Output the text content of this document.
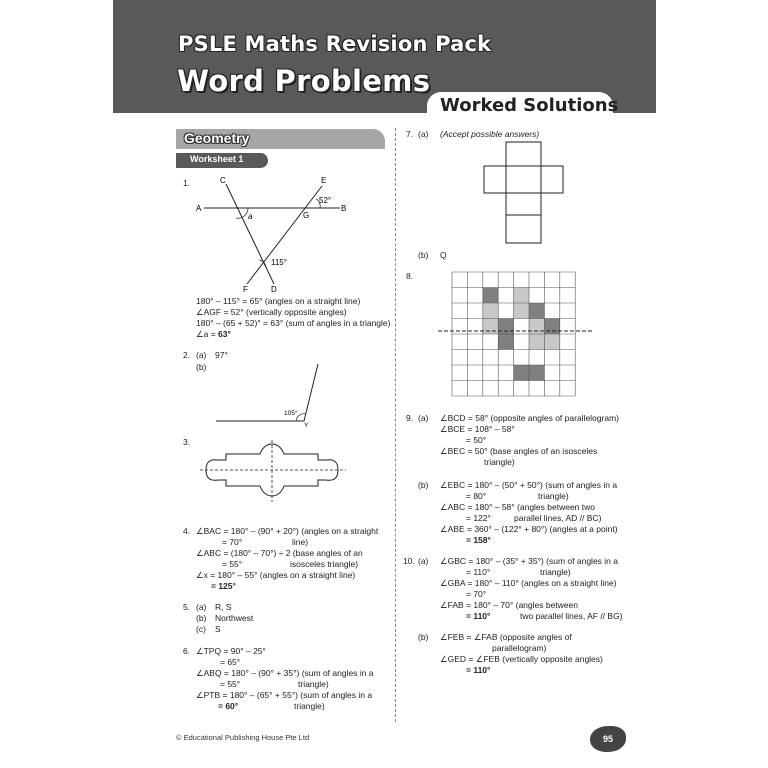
PSLE Maths Revision Pack
Word Problems
Worked Solutions
Geometry
Worksheet 1
1.	C	E
A	B
G
F	D
52°
a
115°
180° – 115° = 65° (angles on a straight line)
∠AGF = 52° (vertically opposite angles)
180° – (65 + 52)° = 63° (sum of angles in a triangle)
∠a = 63°
2. (a) 97°
(b)
105°
Y
3.
4. ∠BAC = 180° – (90° + 20°) (angles on a straight
= 70°	line)
∠ABC = (180° – 70°) ÷ 2 (base angles of an
= 55°	isosceles triangle)
∠x = 180° – 55° (angles on a straight line)
= 125°
5. (a) R, S
(b) Northwest
(c) S
6. ∠TPQ = 90° – 25°
= 65°
∠ABQ = 180° – (90° + 35°) (sum of angles in a
= 55°	triangle)
∠PTB = 180° – (65° + 55°) (sum of angles in a
= 60°	triangle)
7. (a) (Accept possible answers)
(b) Q
8.
9. (a) ∠BCD = 58° (opposite angles of parallelogram)
∠BCE = 108° – 58°
= 50°
∠BEC = 50° (base angles of an isosceles
triangle)
(b) ∠EBC = 180° – (50° + 50°) (sum of angles in a
= 80°	triangle)
∠ABC = 180° – 58° (angles between two
= 122°	parallel lines, AD // BC)
∠ABE = 360° – (122° + 80°) (angles at a point)
= 158°
10. (a) ∠GBC = 180° – (35° + 35°) (sum of angles in a
= 110°	triangle)
∠GBA = 180° – 110° (angles on a straight line)
= 70°
∠FAB = 180° – 70° (angles between
= 110°	two parallel lines, AF // BG)
(b) ∠FEB = ∠FAB (opposite angles of
parallelogram)
∠GED = ∠FEB (vertically opposite angles)
= 110°
© Educational Publishing House Pte Ltd	95
